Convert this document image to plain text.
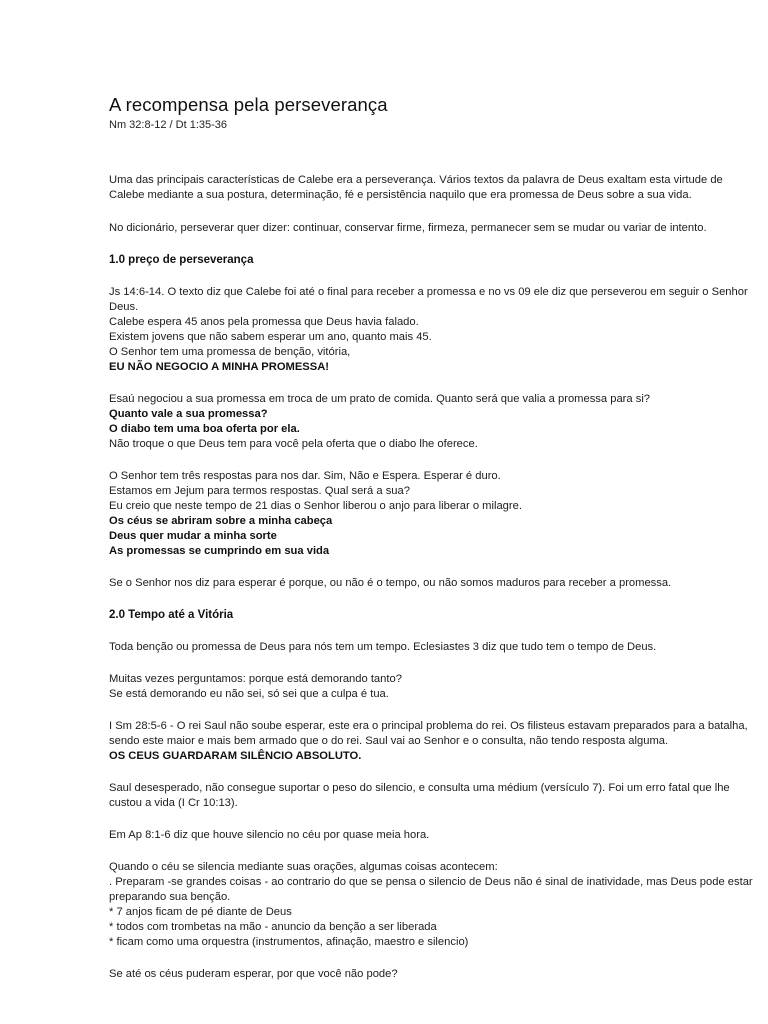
A recompensa pela perseverança
Nm 32:8-12 / Dt 1:35-36
Uma das principais características de Calebe era a perseverança. Vários textos da palavra de Deus exaltam esta virtude de
Calebe mediante a sua postura, determinação, fé e persistência naquilo que era promessa de Deus sobre a sua vida.
No dicionário, perseverar quer dizer: continuar, conservar firme, firmeza, permanecer sem se mudar ou variar de intento.
1.0 preço de perseverança
Js 14:6-14. O texto diz que Calebe foi até o final para receber a promessa e no vs 09 ele diz que perseverou em seguir o Senhor
Deus.
Calebe espera 45 anos pela promessa que Deus havia falado.
Existem jovens que não sabem esperar um ano, quanto mais 45.
O Senhor tem uma promessa de benção, vitória,
EU NÃO NEGOCIO A MINHA PROMESSA!
Esaú negociou a sua promessa em troca de um prato de comida. Quanto será que valia a promessa para si?
Quanto vale a sua promessa?
O diabo tem uma boa oferta por ela.
Não troque o que Deus tem para você pela oferta que o diabo lhe oferece.
O Senhor tem três respostas para nos dar. Sim, Não e Espera. Esperar é duro.
Estamos em Jejum para termos respostas. Qual será a sua?
Eu creio que neste tempo de 21 dias o Senhor liberou o anjo para liberar o milagre.
Os céus se abriram sobre a minha cabeça
Deus quer mudar a minha sorte
As promessas se cumprindo em sua vida
Se o Senhor nos diz para esperar é porque, ou não é o tempo, ou não somos maduros para receber a promessa.
2.0 Tempo até a Vitória
Toda benção ou promessa de Deus para nós tem um tempo. Eclesiastes 3 diz que tudo tem o tempo de Deus.
Muitas vezes perguntamos: porque está demorando tanto?
Se está demorando eu não sei, só sei que a culpa é tua.
I Sm 28:5-6 - O rei Saul não soube esperar, este era o principal problema do rei. Os filisteus estavam preparados para a batalha,
sendo este maior e mais bem armado que o do rei. Saul vai ao Senhor e o consulta, não tendo resposta alguma.
OS CEUS GUARDARAM SILÊNCIO ABSOLUTO.
Saul desesperado, não consegue suportar o peso do silencio, e consulta uma médium (versículo 7). Foi um erro fatal que lhe
custou a vida (I Cr 10:13).
Em Ap 8:1-6 diz que houve silencio no céu por quase meia hora.
Quando o céu se silencia mediante suas orações, algumas coisas acontecem:
. Preparam -se grandes coisas - ao contrario do que se pensa o silencio de Deus não é sinal de inatividade, mas Deus pode estar
preparando sua benção.
* 7 anjos ficam de pé diante de Deus
* todos com trombetas na mão - anuncio da benção a ser liberada
* ficam como uma orquestra (instrumentos, afinação, maestro e silencio)
Se até os céus puderam esperar, por que você não pode?
